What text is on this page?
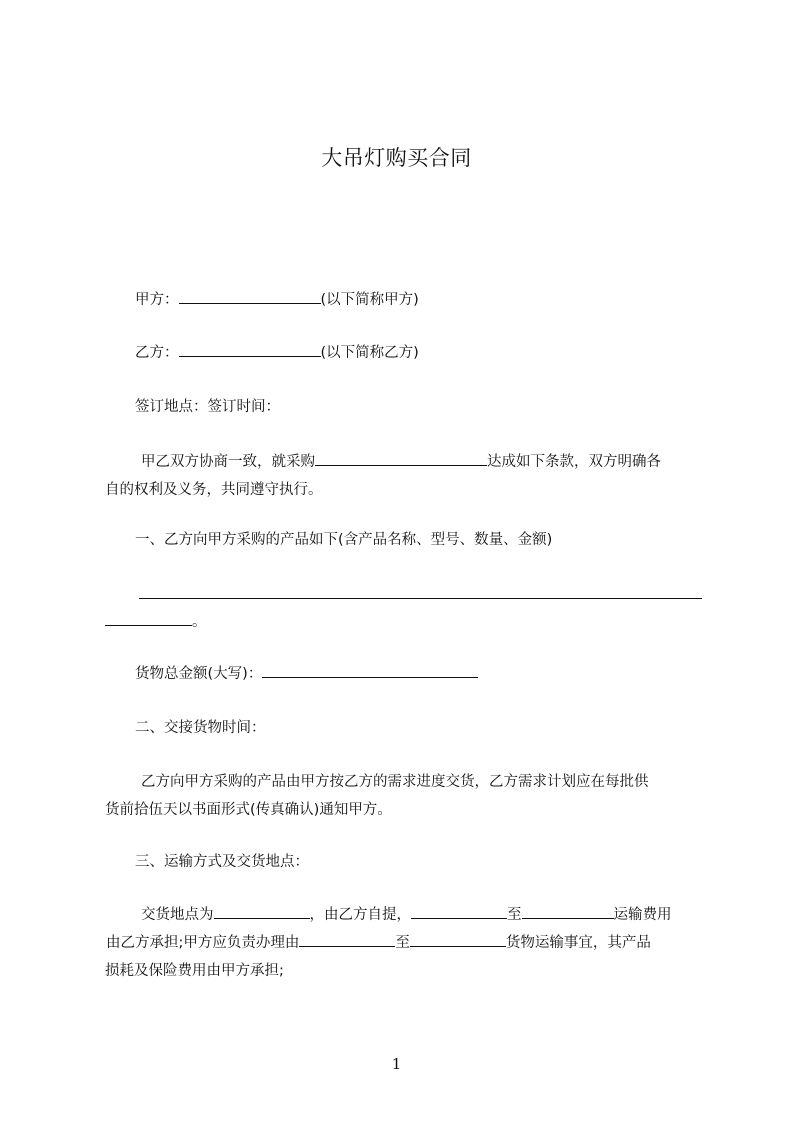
大吊灯购买合同
甲方：	(以下简称甲方)
乙方：	(以下简称乙方)
签订地点：签订时间：
甲乙双方协商一致，就采购	达成如下条款，双方明确各
自的权利及义务，共同遵守执行。
一、乙方向甲方采购的产品如下(含产品名称、型号、数量、金额)
。
货物总金额(大写)：
二、交接货物时间：
乙方向甲方采购的产品由甲方按乙方的需求进度交货，乙方需求计划应在每批供
货前拾伍天以书面形式(传真确认)通知甲方。
三、运输方式及交货地点：
交货地点为	，由乙方自提，	至	运输费用
由乙方承担;甲方应负责办理由	至	货物运输事宜，其产品
损耗及保险费用由甲方承担;
1
